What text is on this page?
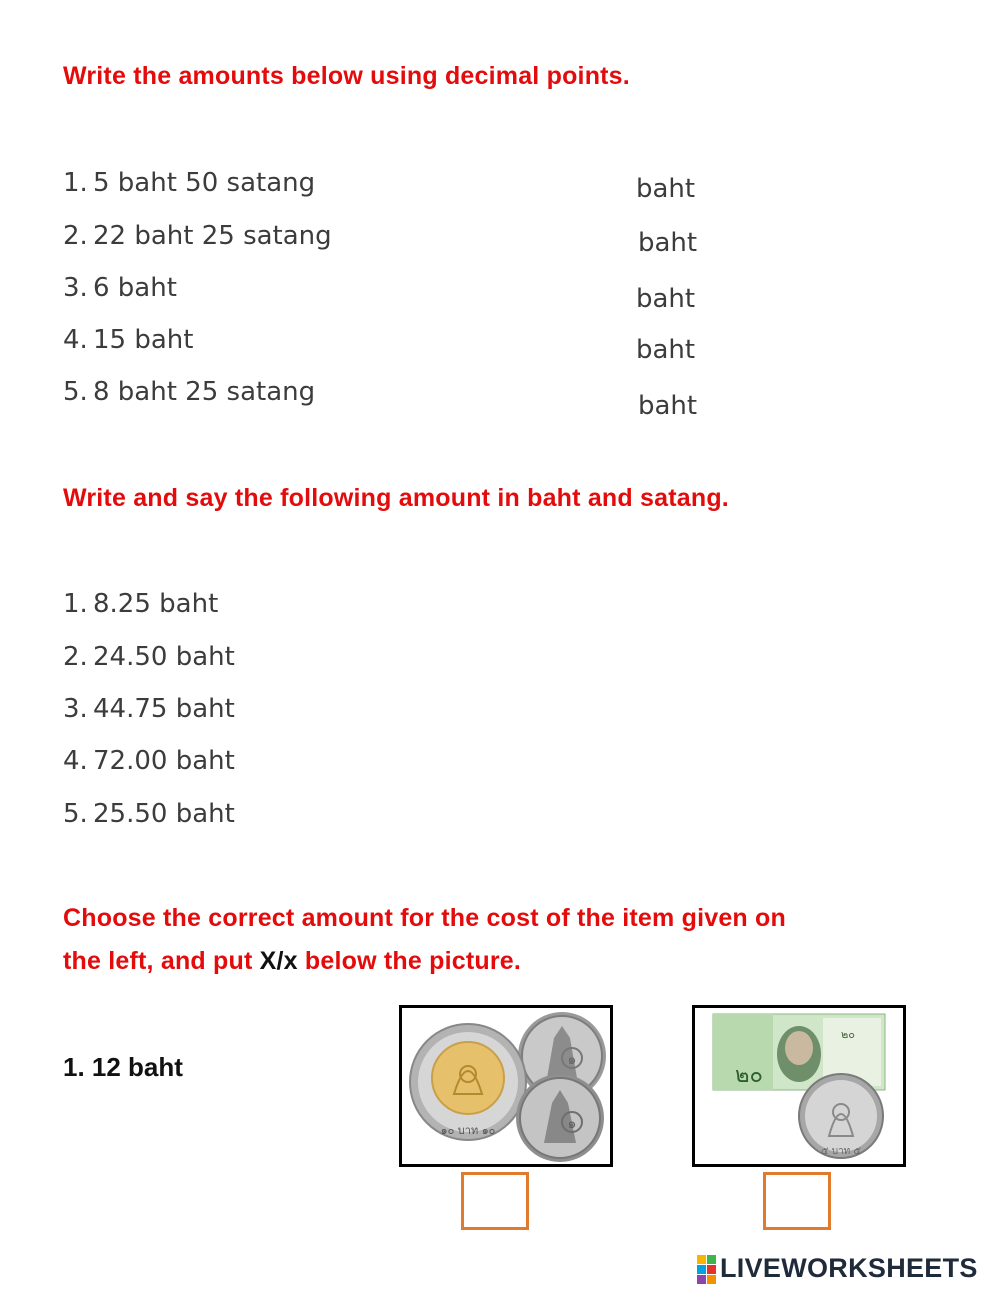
Write the amounts below using decimal points.
1. 5 baht 50 satang	baht
2. 22 baht 25 satang	baht
3. 6 baht	baht
4. 15 baht	baht
5. 8 baht 25 satang	baht
Write and say the following amount in baht and satang.
1. 8.25 baht
2. 24.50 baht
3. 44.75 baht
4. 72.00 baht
5. 25.50 baht
Choose the correct amount for the cost of the item given on
the left, and put X/x below the picture.
1. 12 baht	๑
๑๐ บาท ๑๐	๑
๒๐
๒๐
๕ บาท ๕
LIVEWORKSHEETS
